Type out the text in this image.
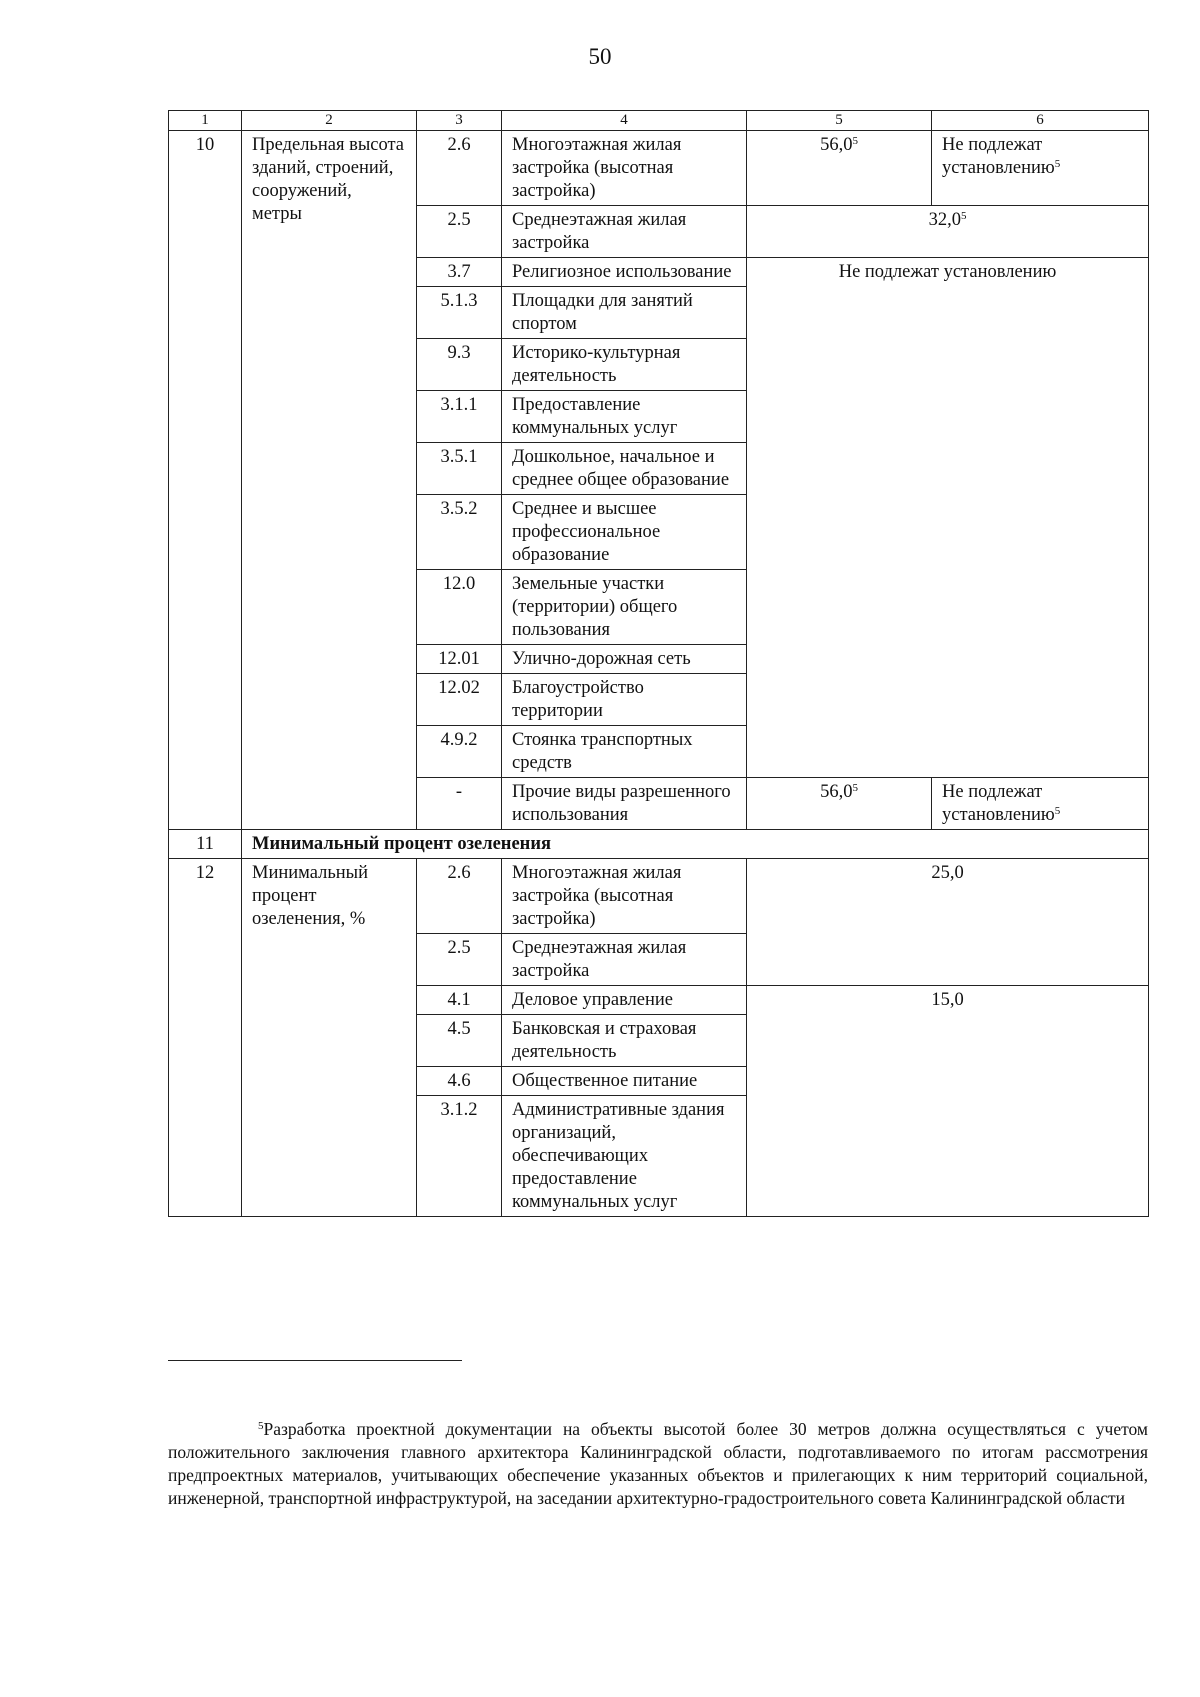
50
1	2	3	4	5	6
10	Предельная высота зданий, строений, сооружений, метры	2.6	Многоэтажная жилая застройка (высотная застройка)	56,0$^5$	Не подлежат установлению$^5$
		2.5	Среднеэтажная жилая застройка	32,0$^5$
		3.7	Религиозное использование	Не подлежат установлению	
		5.1.3	Площадки для занятий спортом		
		9.3	Историко-культурная деятельность		
		3.1.1	Предоставление коммунальных услуг		
		3.5.1	Дошкольное, начальное и среднее общее образование		
		3.5.2	Среднее и высшее профессиональное образование		
		12.0	Земельные участки (территории) общего пользования		
		12.01	Улично-дорожная сеть		
		12.02	Благоустройство территории		
		4.9.2	Стоянка транспортных средств		
		-	Прочие виды разрешенного использования	56,0$^5$	Не подлежат установлению$^5$
11	Минимальный процент озеленения				
12	Минимальный процент озеленения, %	2.6	Многоэтажная жилая застройка (высотная застройка)	25,0	
		2.5	Среднеэтажная жилая застройка		
		4.1	Деловое управление	15,0	
		4.5	Банковская и страховая деятельность		
		4.6	Общественное питание		
		3.1.2	Административные здания организаций, обеспечивающих предоставление коммунальных услуг		
$^5$Разработка проектной документации на объекты высотой более 30 метров должна осуществляться с учетом положительного заключения главного архитектора Калининградской области, подготавливаемого по итогам рассмотрения предпроектных материалов, учитывающих обеспечение указанных объектов и прилегающих к ним территорий социальной, инженерной, транспортной инфраструктурой, на заседании архитектурно-градостроительного совета Калининградской области
